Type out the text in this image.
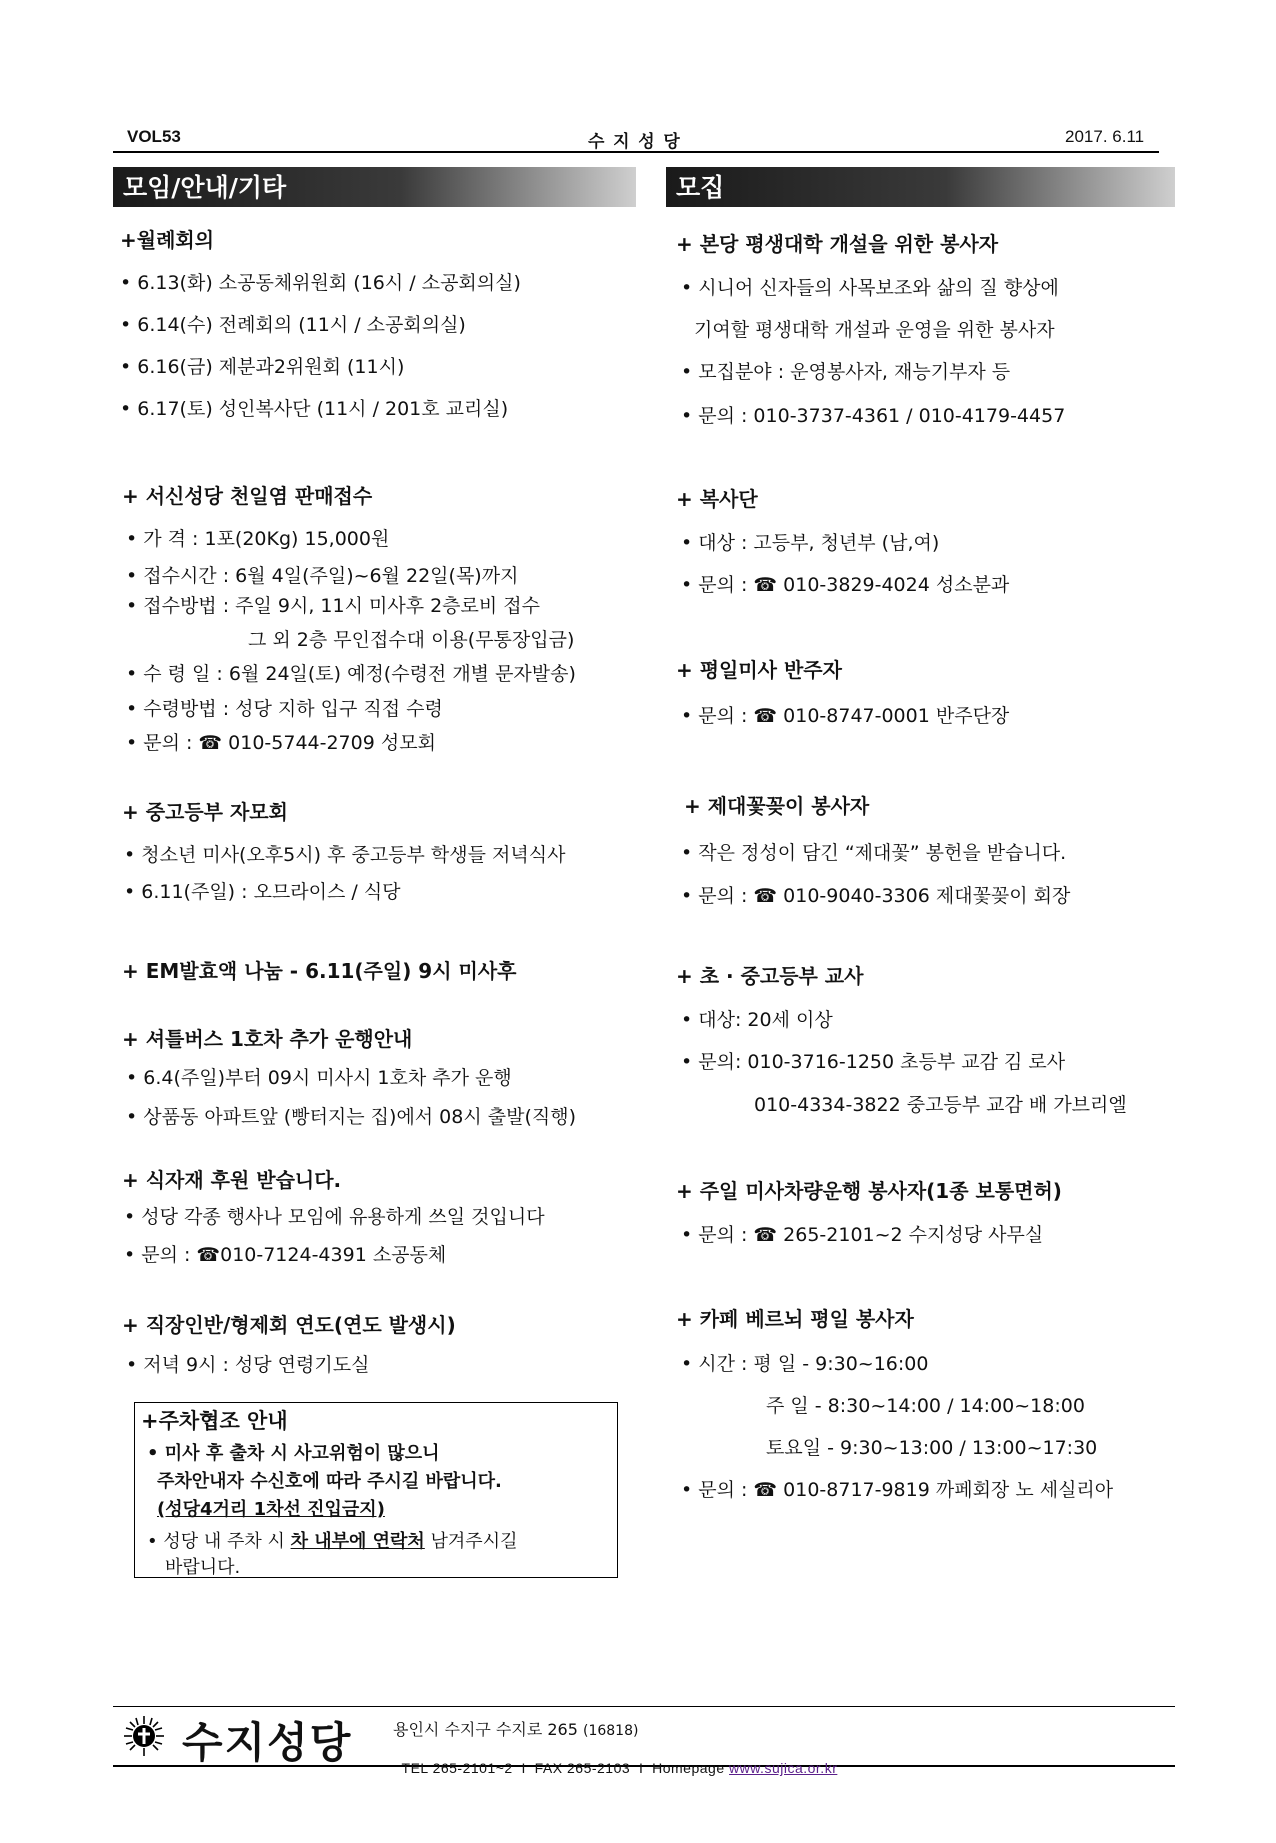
VOL53	수 지 성 당	2017. 6.11
모임/안내/기타	모집
+월례회의
• 6.13(화) 소공동체위원회 (16시 / 소공회의실)
• 6.14(수) 전례회의 (11시 / 소공회의실)
• 6.16(금) 제분과2위원회 (11시)
• 6.17(토) 성인복사단 (11시 / 201호 교리실)
+ 서신성당 천일염 판매접수
• 가 격 : 1포(20Kg) 15,000원
• 접수시간 : 6월 4일(주일)~6월 22일(목)까지
• 접수방법 : 주일 9시, 11시 미사후 2층로비 접수
그 외 2층 무인접수대 이용(무통장입금)
• 수 령 일 : 6월 24일(토) 예정(수령전 개별 문자발송)
• 수령방법 : 성당 지하 입구 직접 수령
• 문의 : ☎ 010-5744-2709 성모회
+ 중고등부 자모회
• 청소년 미사(오후5시) 후 중고등부 학생들 저녁식사
• 6.11(주일) : 오므라이스 / 식당
+ EM발효액 나눔 - 6.11(주일) 9시 미사후
+ 셔틀버스 1호차 추가 운행안내
• 6.4(주일)부터 09시 미사시 1호차 추가 운행
• 상품동 아파트앞 (빵터지는 집)에서 08시 출발(직행)
+ 식자재 후원 받습니다.
• 성당 각종 행사나 모임에 유용하게 쓰일 것입니다
• 문의 : ☎010-7124-4391 소공동체
+ 직장인반/형제회 연도(연도 발생시)
• 저녁 9시 : 성당 연령기도실
+주차협조 안내
• 미사 후 출차 시 사고위험이 많으니
주차안내자 수신호에 따라 주시길 바랍니다.
(성당4거리 1차선 진입금지)
• 성당 내 주차 시 차 내부에 연락처 남겨주시길
바랍니다.
+ 본당 평생대학 개설을 위한 봉사자
• 시니어 신자들의 사목보조와 삶의 질 향상에
기여할 평생대학 개설과 운영을 위한 봉사자
• 모집분야 : 운영봉사자, 재능기부자 등
• 문의 : 010-3737-4361 / 010-4179-4457
+ 복사단
• 대상 : 고등부, 청년부 (남,여)
• 문의 : ☎ 010-3829-4024 성소분과
+ 평일미사 반주자
• 문의 : ☎ 010-8747-0001 반주단장
+ 제대꽃꽂이 봉사자
• 작은 정성이 담긴 “제대꽃” 봉헌을 받습니다.
• 문의 : ☎ 010-9040-3306 제대꽃꽂이 회장
+ 초 · 중고등부 교사
• 대상: 20세 이상
• 문의: 010-3716-1250 초등부 교감 김 로사
010-4334-3822 중고등부 교감 배 가브리엘
+ 주일 미사차량운행 봉사자(1종 보통면허)
• 문의 : ☎ 265-2101~2 수지성당 사무실
+ 카페 베르뇌 평일 봉사자
• 시간 : 평 일 - 9:30~16:00
주 일 - 8:30~14:00 / 14:00~18:00
토요일 - 9:30~13:00 / 13:00~17:30
• 문의 : ☎ 010-8717-9819 까페회장 노 세실리아
수지성당	용인시 수지구 수지로 265 (16818)

TEL 265-2101~2  I  FAX 265-2103  I  Homepage www.sujica.or.kr
